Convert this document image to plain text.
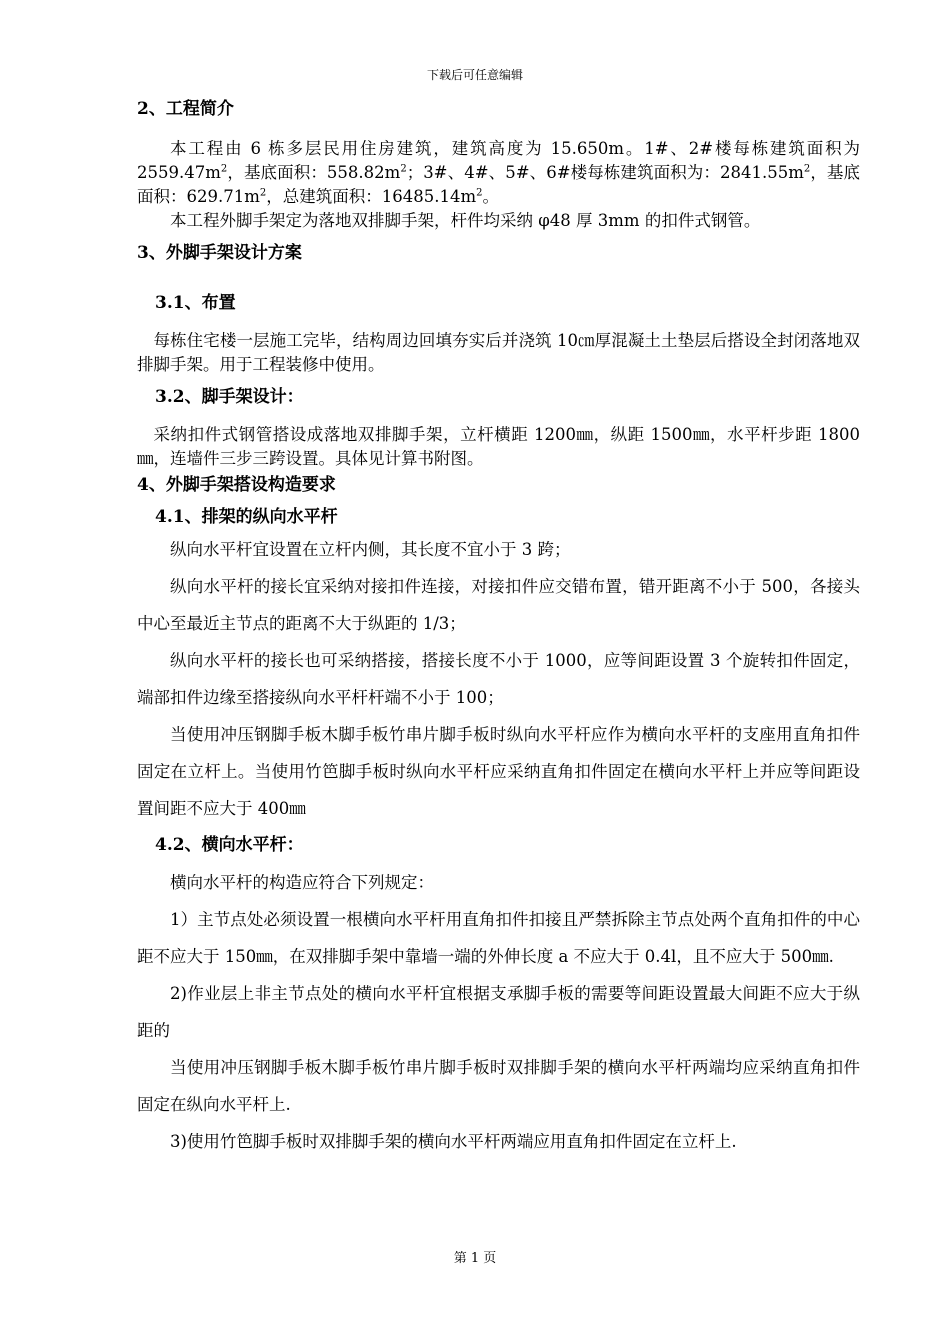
下载后可任意编辑
2、工程简介

本工程由 6 栋多层民用住房建筑，建筑高度为 15.650m。1#、2#楼每栋建筑面积为 $2559.47m^2$，基底面积：$558.82m^2$；3#、4#、5#、6#楼每栋建筑面积为：$2841.55m^2$，基底面积：$629.71m^2$，总建筑面积：$16485.14m^2$。

本工程外脚手架定为落地双排脚手架，杆件均采纳 φ48 厚 3mm 的扣件式钢管。

3、外脚手架设计方案
3.1、布置

每栋住宅楼一层施工完毕，结构周边回填夯实后并浇筑 10㎝厚混凝土土垫层后搭设全封闭落地双排脚手架。用于工程装修中使用。

3.2、脚手架设计：

采纳扣件式钢管搭设成落地双排脚手架，立杆横距 1200㎜，纵距 1500㎜，水平杆步距 1800㎜，连墙件三步三跨设置。具体见计算书附图。

4、外脚手架搭设构造要求
4.1、排架的纵向水平杆

纵向水平杆宜设置在立杆内侧，其长度不宜小于 3 跨；

纵向水平杆的接长宜采纳对接扣件连接，对接扣件应交错布置，错开距离不小于 500，各接头中心至最近主节点的距离不大于纵距的 1/3；

纵向水平杆的接长也可采纳搭接，搭接长度不小于 1000，应等间距设置 3 个旋转扣件固定，端部扣件边缘至搭接纵向水平杆杆端不小于 100；

当使用冲压钢脚手板木脚手板竹串片脚手板时纵向水平杆应作为横向水平杆的支座用直角扣件固定在立杆上。当使用竹笆脚手板时纵向水平杆应采纳直角扣件固定在横向水平杆上并应等间距设置间距不应大于 400㎜

4.2、横向水平杆：

横向水平杆的构造应符合下列规定：

1）主节点处必须设置一根横向水平杆用直角扣件扣接且严禁拆除主节点处两个直角扣件的中心距不应大于 150㎜，在双排脚手架中靠墙一端的外伸长度 a 不应大于 0.4l，且不应大于 500㎜.

2)作业层上非主节点处的横向水平杆宜根据支承脚手板的需要等间距设置最大间距不应大于纵距的

当使用冲压钢脚手板木脚手板竹串片脚手板时双排脚手架的横向水平杆两端均应采纳直角扣件固定在纵向水平杆上.

3)使用竹笆脚手板时双排脚手架的横向水平杆两端应用直角扣件固定在立杆上.

第 1 页
